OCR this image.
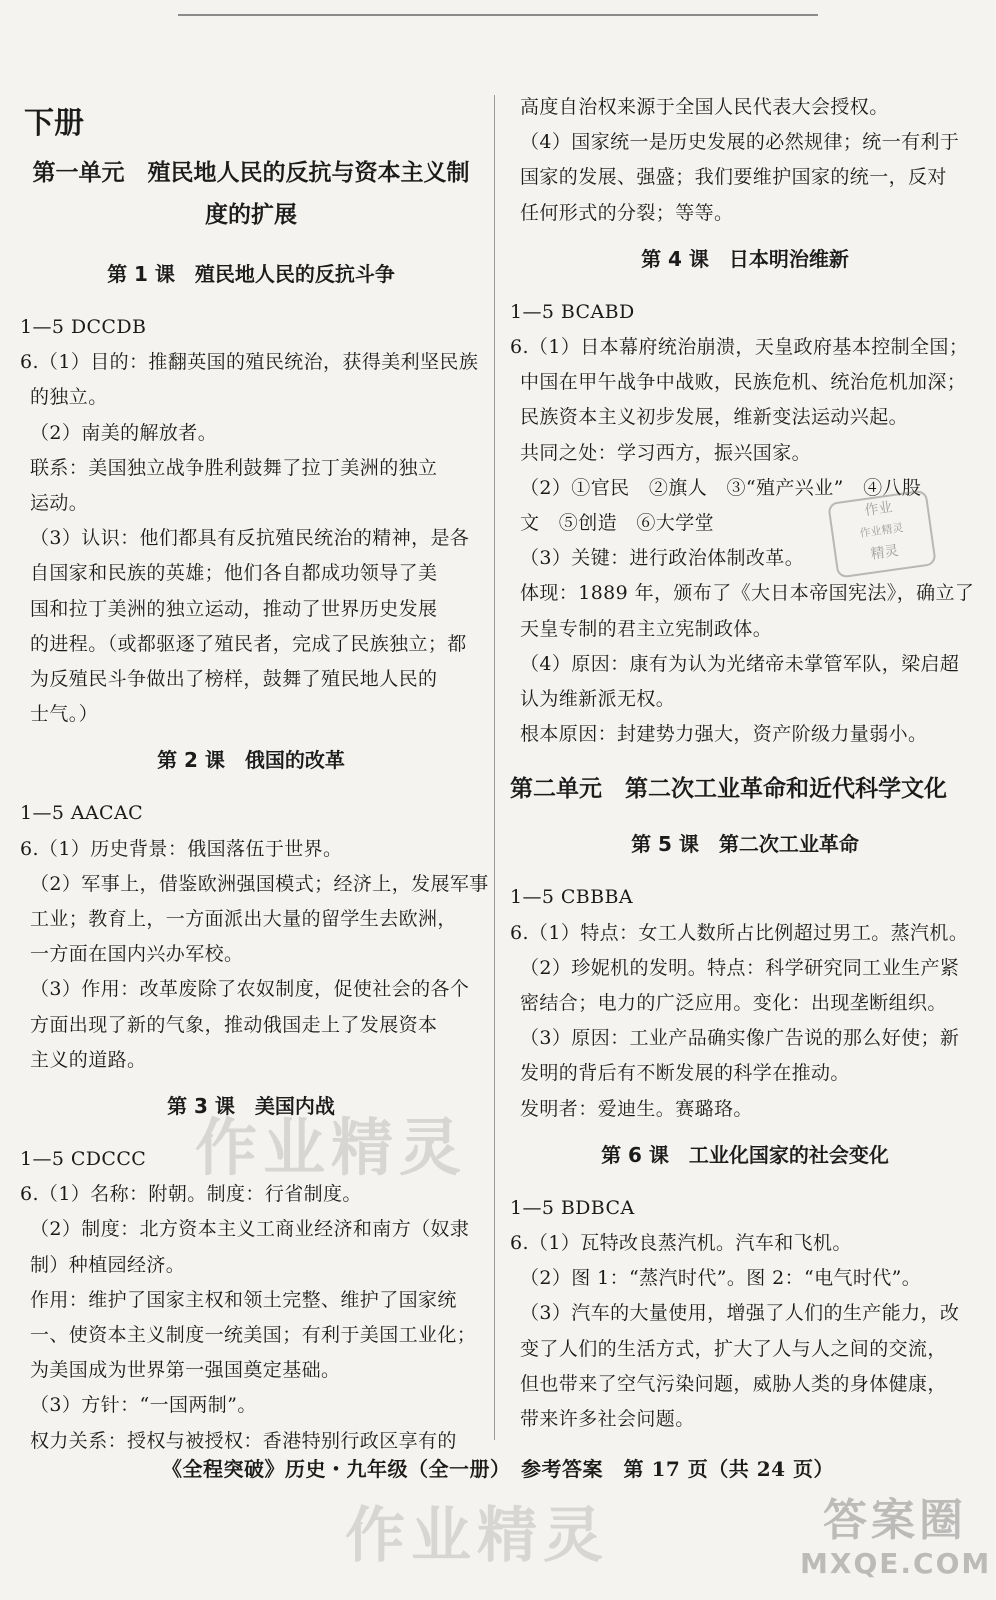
下册
第一单元　殖民地人民的反抗与资本主义制
度的扩展
第 1 课　殖民地人民的反抗斗争
1—5 DCCDB
6.（1）目的：推翻英国的殖民统治，获得美利坚民族
的独立。
（2）南美的解放者。
联系：美国独立战争胜利鼓舞了拉丁美洲的独立
运动。
（3）认识：他们都具有反抗殖民统治的精神，是各
自国家和民族的英雄；他们各自都成功领导了美
国和拉丁美洲的独立运动，推动了世界历史发展
的进程。（或都驱逐了殖民者，完成了民族独立；都
为反殖民斗争做出了榜样，鼓舞了殖民地人民的
士气。）
第 2 课　俄国的改革
1—5 AACAC
6.（1）历史背景：俄国落伍于世界。
（2）军事上，借鉴欧洲强国模式；经济上，发展军事
工业；教育上，一方面派出大量的留学生去欧洲，
一方面在国内兴办军校。
（3）作用：改革废除了农奴制度，促使社会的各个
方面出现了新的气象，推动俄国走上了发展资本
主义的道路。
第 3 课　美国内战
1—5 CDCCC
6.（1）名称：附朝。制度：行省制度。
（2）制度：北方资本主义工商业经济和南方（奴隶
制）种植园经济。
作用：维护了国家主权和领土完整、维护了国家统
一、使资本主义制度一统美国；有利于美国工业化；
为美国成为世界第一强国奠定基础。
（3）方针：“一国两制”。
权力关系：授权与被授权：香港特别行政区享有的
高度自治权来源于全国人民代表大会授权。
（4）国家统一是历史发展的必然规律；统一有利于
国家的发展、强盛；我们要维护国家的统一，反对
任何形式的分裂；等等。
第 4 课　日本明治维新
1—5 BCABD
6.（1）日本幕府统治崩溃，天皇政府基本控制全国；
中国在甲午战争中战败，民族危机、统治危机加深；
民族资本主义初步发展，维新变法运动兴起。
共同之处：学习西方，振兴国家。
（2）①官民　②旗人　③“殖产兴业”　④八股
文　⑤创造　⑥大学堂
（3）关键：进行政治体制改革。
体现：1889 年，颁布了《大日本帝国宪法》，确立了
天皇专制的君主立宪制政体。
（4）原因：康有为认为光绪帝未掌管军队，梁启超
认为维新派无权。
根本原因：封建势力强大，资产阶级力量弱小。
第二单元　第二次工业革命和近代科学文化
第 5 课　第二次工业革命
1—5 CBBBA
6.（1）特点：女工人数所占比例超过男工。蒸汽机。
（2）珍妮机的发明。特点：科学研究同工业生产紧
密结合；电力的广泛应用。变化：出现垄断组织。
（3）原因：工业产品确实像广告说的那么好使；新
发明的背后有不断发展的科学在推动。
发明者：爱迪生。赛璐珞。
第 6 课　工业化国家的社会变化
1—5 BDBCA
6.（1）瓦特改良蒸汽机。汽车和飞机。
（2）图 1：“蒸汽时代”。图 2：“电气时代”。
（3）汽车的大量使用，增强了人们的生产能力，改
变了人们的生活方式，扩大了人与人之间的交流，
但也带来了空气污染问题，威胁人类的身体健康，
带来许多社会问题。
作业精灵
作业精灵
作业
作业精灵
精灵
答案圈
MXQE.COM
《全程突破》历史・九年级（全一册）　参考答案　第 17 页（共 24 页）
